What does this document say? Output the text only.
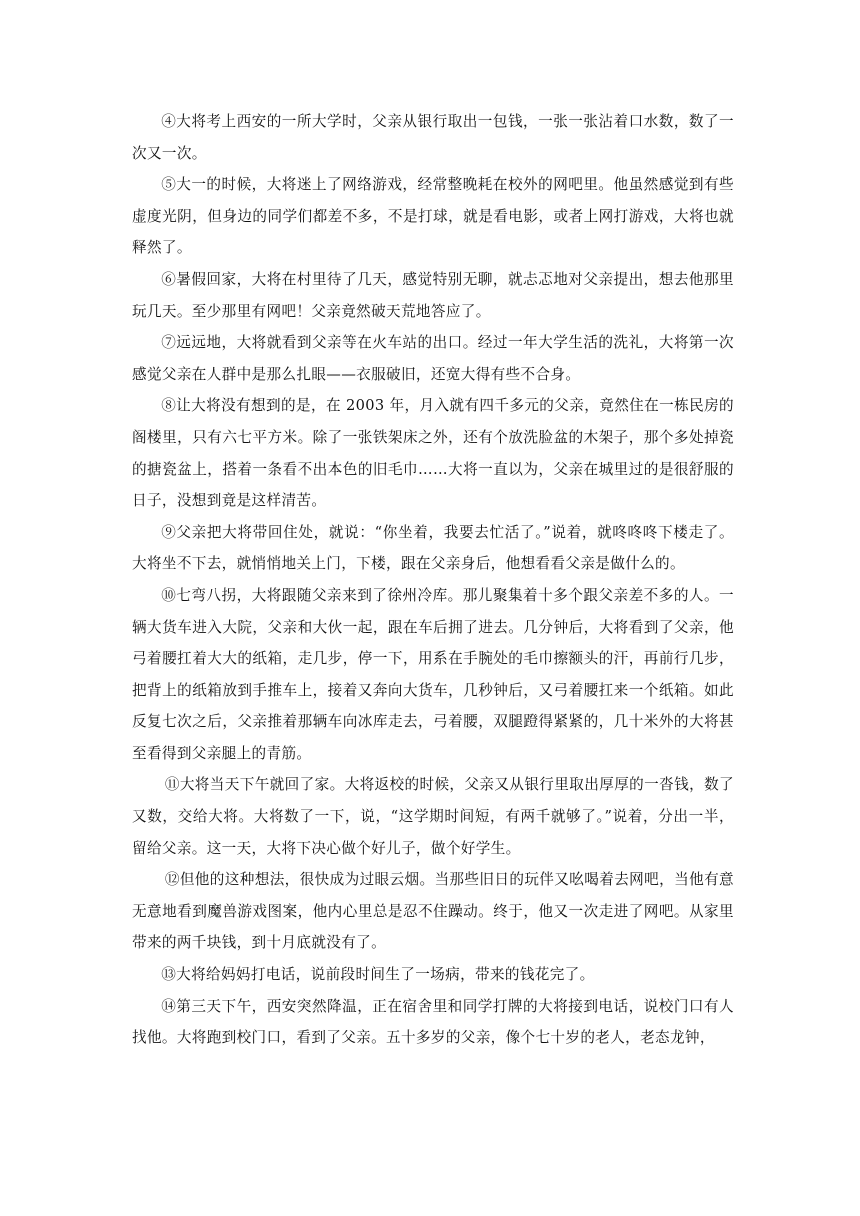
④大将考上西安的一所大学时，父亲从银行取出一包钱，一张一张沾着口水数，数了一次又一次。

⑤大一的时候，大将迷上了网络游戏，经常整晚耗在校外的网吧里。他虽然感觉到有些虚度光阴，但身边的同学们都差不多，不是打球，就是看电影，或者上网打游戏，大将也就释然了。

⑥暑假回家，大将在村里待了几天，感觉特别无聊，就忐忑地对父亲提出，想去他那里玩几天。至少那里有网吧！父亲竟然破天荒地答应了。

⑦远远地，大将就看到父亲等在火车站的出口。经过一年大学生活的洗礼，大将第一次感觉父亲在人群中是那么扎眼——衣服破旧，还宽大得有些不合身。

⑧让大将没有想到的是，在 2003 年，月入就有四千多元的父亲，竟然住在一栋民房的阁楼里，只有六七平方米。除了一张铁架床之外，还有个放洗脸盆的木架子，那个多处掉瓷的搪瓷盆上，搭着一条看不出本色的旧毛巾……大将一直以为，父亲在城里过的是很舒服的日子，没想到竟是这样清苦。

⑨父亲把大将带回住处，就说：“你坐着，我要去忙活了。”说着，就咚咚咚下楼走了。大将坐不下去，就悄悄地关上门，下楼，跟在父亲身后，他想看看父亲是做什么的。

⑩七弯八拐，大将跟随父亲来到了徐州冷库。那儿聚集着十多个跟父亲差不多的人。一辆大货车进入大院，父亲和大伙一起，跟在车后拥了进去。几分钟后，大将看到了父亲，他弓着腰扛着大大的纸箱，走几步，停一下，用系在手腕处的毛巾擦额头的汗，再前行几步，把背上的纸箱放到手推车上，接着又奔向大货车，几秒钟后，又弓着腰扛来一个纸箱。如此反复七次之后，父亲推着那辆车向冰库走去，弓着腰，双腿蹬得紧紧的，几十米外的大将甚至看得到父亲腿上的青筋。

⑪大将当天下午就回了家。大将返校的时候，父亲又从银行里取出厚厚的一沓钱，数了又数，交给大将。大将数了一下，说，“这学期时间短，有两千就够了。”说着，分出一半，留给父亲。这一天，大将下决心做个好儿子，做个好学生。

⑫但他的这种想法，很快成为过眼云烟。当那些旧日的玩伴又吆喝着去网吧，当他有意无意地看到魔兽游戏图案，他内心里总是忍不住躁动。终于，他又一次走进了网吧。从家里带来的两千块钱，到十月底就没有了。

⑬大将给妈妈打电话，说前段时间生了一场病，带来的钱花完了。

⑭第三天下午，西安突然降温，正在宿舍里和同学打牌的大将接到电话，说校门口有人找他。大将跑到校门口，看到了父亲。五十多岁的父亲，像个七十岁的老人，老态龙钟，
